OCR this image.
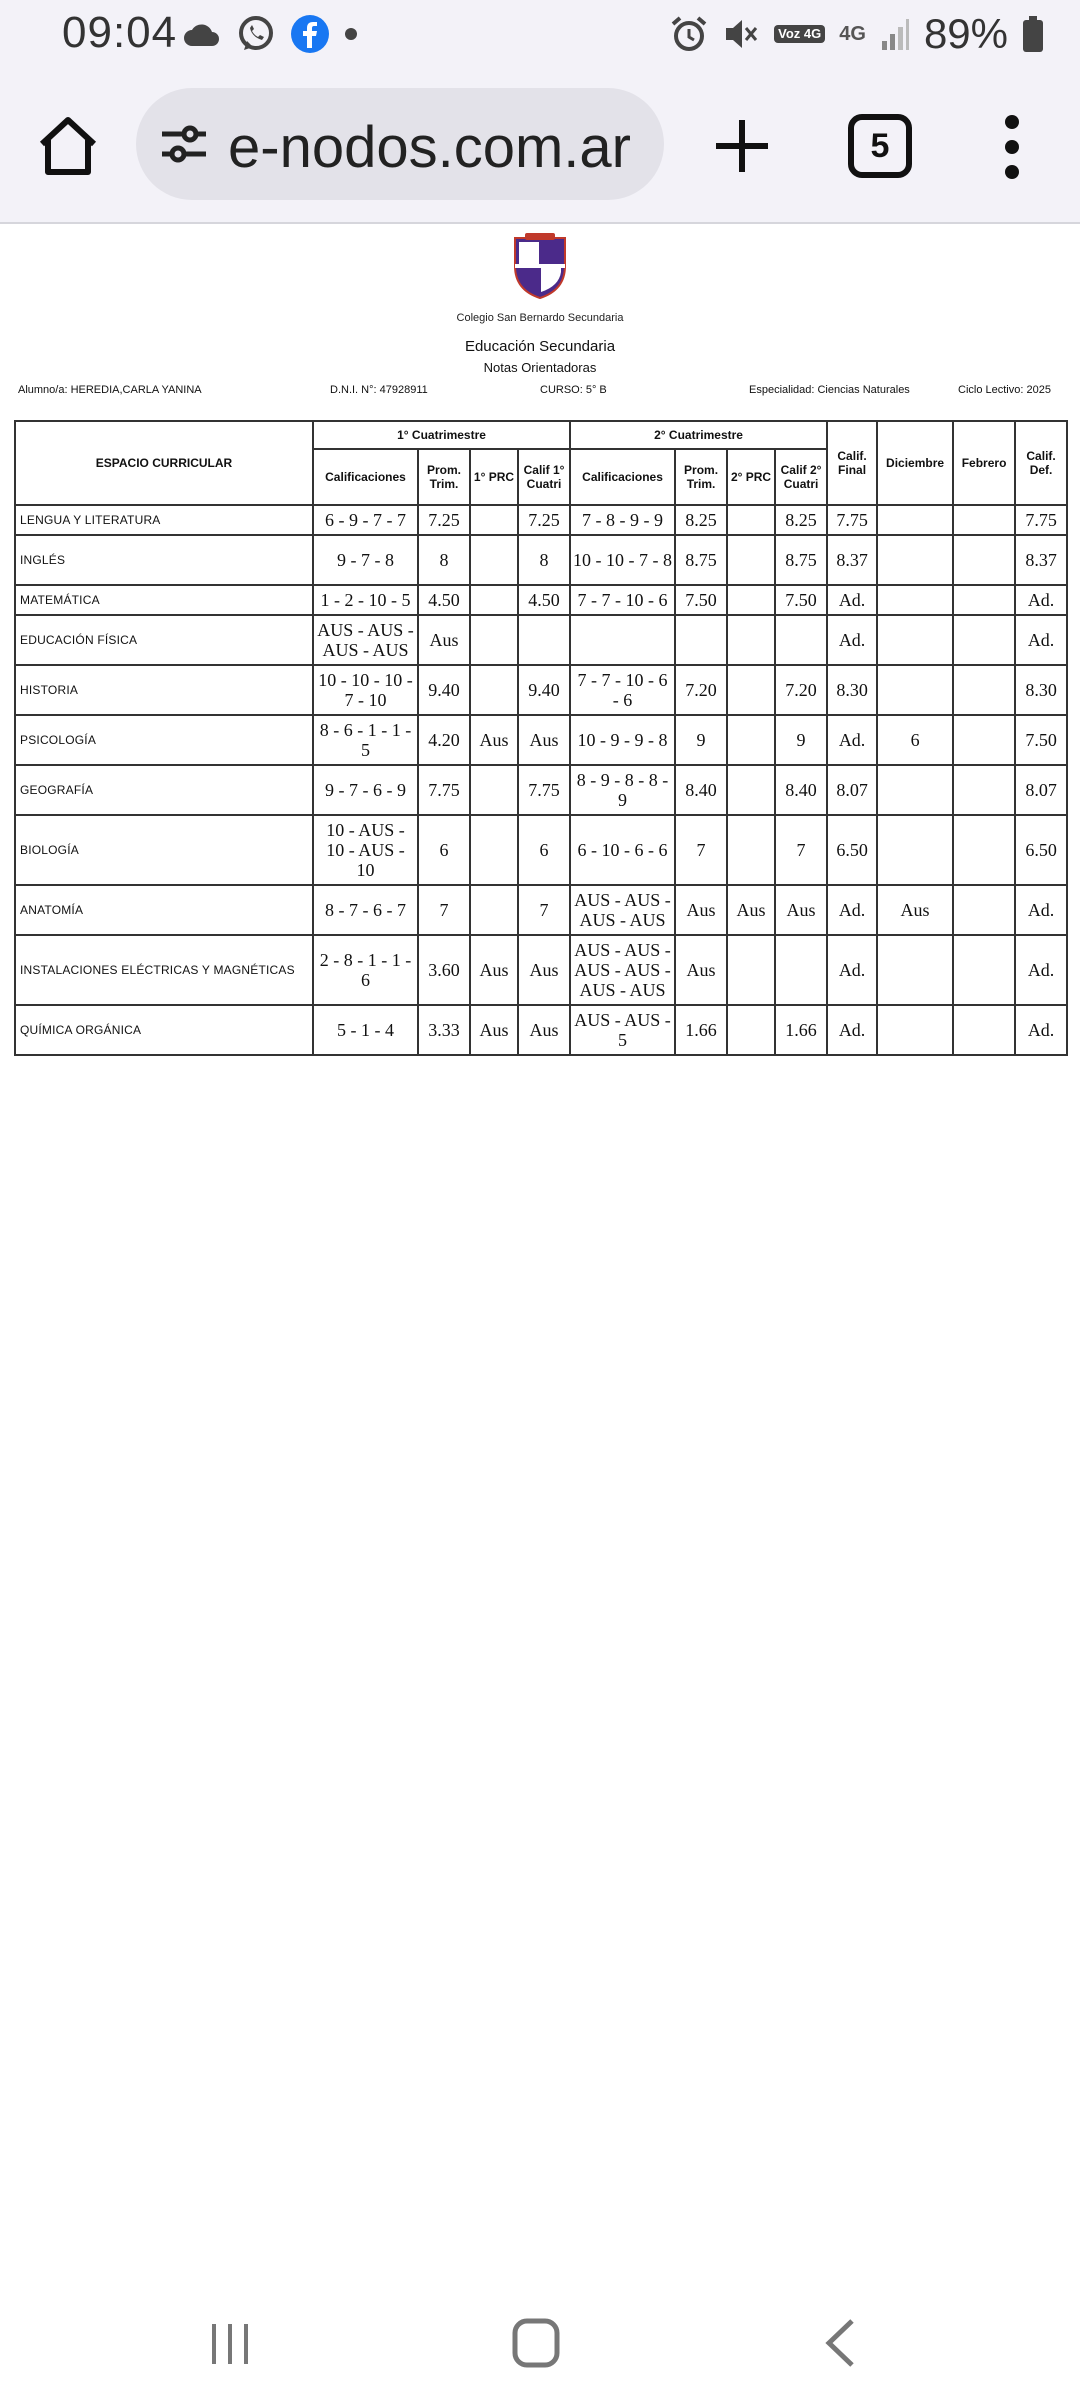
09:04	Voz 4G 4G 89%
e-nodos.com.ar	5
Colegio San Bernardo Secundaria
Educación Secundaria
Notas Orientadoras
Alumno/a: HEREDIA,CARLA YANINA	D.N.I. N°: 47928911	CURSO: 5° B	Especialidad: Ciencias Naturales	Ciclo Lectivo: 2025
ESPACIO CURRICULAR	1° Cuatrimestre				2° Cuatrimestre				Calif. Final	Diciembre	Febrero	Calif. Def.
	Calificaciones	Prom. Trim.	1° PRC	Calif 1° Cuatri	Calificaciones	Prom. Trim.	2° PRC	Calif 2° Cuatri				
LENGUA Y LITERATURA	6 - 9 - 7 - 7	7.25		7.25	7 - 8 - 9 - 9	8.25		8.25	7.75			7.75
INGLÉS	9 - 7 - 8	8		8	10 - 10 - 7 - 8	8.75		8.75	8.37			8.37
MATEMÁTICA	1 - 2 - 10 - 5	4.50		4.50	7 - 7 - 10 - 6	7.50		7.50	Ad.			Ad.
EDUCACIÓN FÍSICA	AUS - AUS - AUS - AUS	Aus							Ad.			Ad.
HISTORIA	10 - 10 - 10 - 7 - 10	9.40		9.40	7 - 7 - 10 - 6 - 6	7.20		7.20	8.30			8.30
PSICOLOGÍA	8 - 6 - 1 - 1 - 5	4.20	Aus	Aus	10 - 9 - 9 - 8	9		9	Ad.	6		7.50
GEOGRAFÍA	9 - 7 - 6 - 9	7.75		7.75	8 - 9 - 8 - 8 - 9	8.40		8.40	8.07			8.07
BIOLOGÍA	10 - AUS - 10 - AUS - 10	6		6	6 - 10 - 6 - 6	7		7	6.50			6.50
ANATOMÍA	8 - 7 - 6 - 7	7		7	AUS - AUS - AUS - AUS	Aus	Aus	Aus	Ad.	Aus		Ad.
INSTALACIONES ELÉCTRICAS Y MAGNÉTICAS	2 - 8 - 1 - 1 - 6	3.60	Aus	Aus	AUS - AUS - AUS - AUS - AUS - AUS	Aus			Ad.			Ad.
QUÍMICA ORGÁNICA	5 - 1 - 4	3.33	Aus	Aus	AUS - AUS - 5	1.66		1.66	Ad.			Ad.
